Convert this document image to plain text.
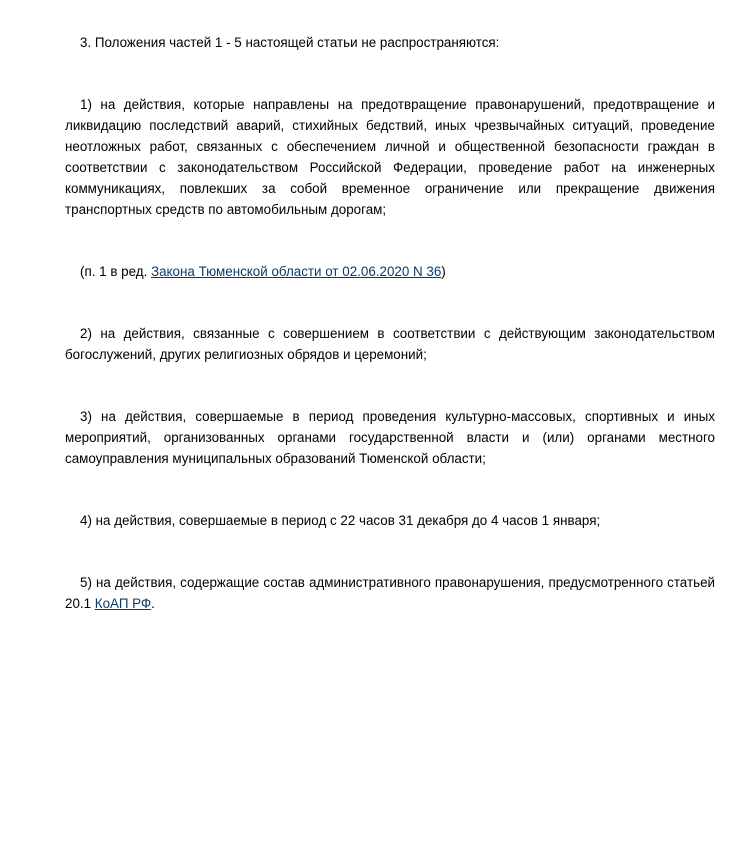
3. Положения частей 1 - 5 настоящей статьи не распространяются:

1) на действия, которые направлены на предотвращение правонарушений, предотвращение и ликвидацию последствий аварий, стихийных бедствий, иных чрезвычайных ситуаций, проведение неотложных работ, связанных с обеспечением личной и общественной безопасности граждан в соответствии с законодательством Российской Федерации, проведение работ на инженерных коммуникациях, повлекших за собой временное ограничение или прекращение движения транспортных средств по автомобильным дорогам;

(п. 1 в ред. Закона Тюменской области от 02.06.2020 N 36)

2) на действия, связанные с совершением в соответствии с действующим законодательством богослужений, других религиозных обрядов и церемоний;

3) на действия, совершаемые в период проведения культурно-массовых, спортивных и иных мероприятий, организованных органами государственной власти и (или) органами местного самоуправления муниципальных образований Тюменской области;

4) на действия, совершаемые в период с 22 часов 31 декабря до 4 часов 1 января;

5) на действия, содержащие состав административного правонарушения, предусмотренного статьей 20.1 КоАП РФ.
